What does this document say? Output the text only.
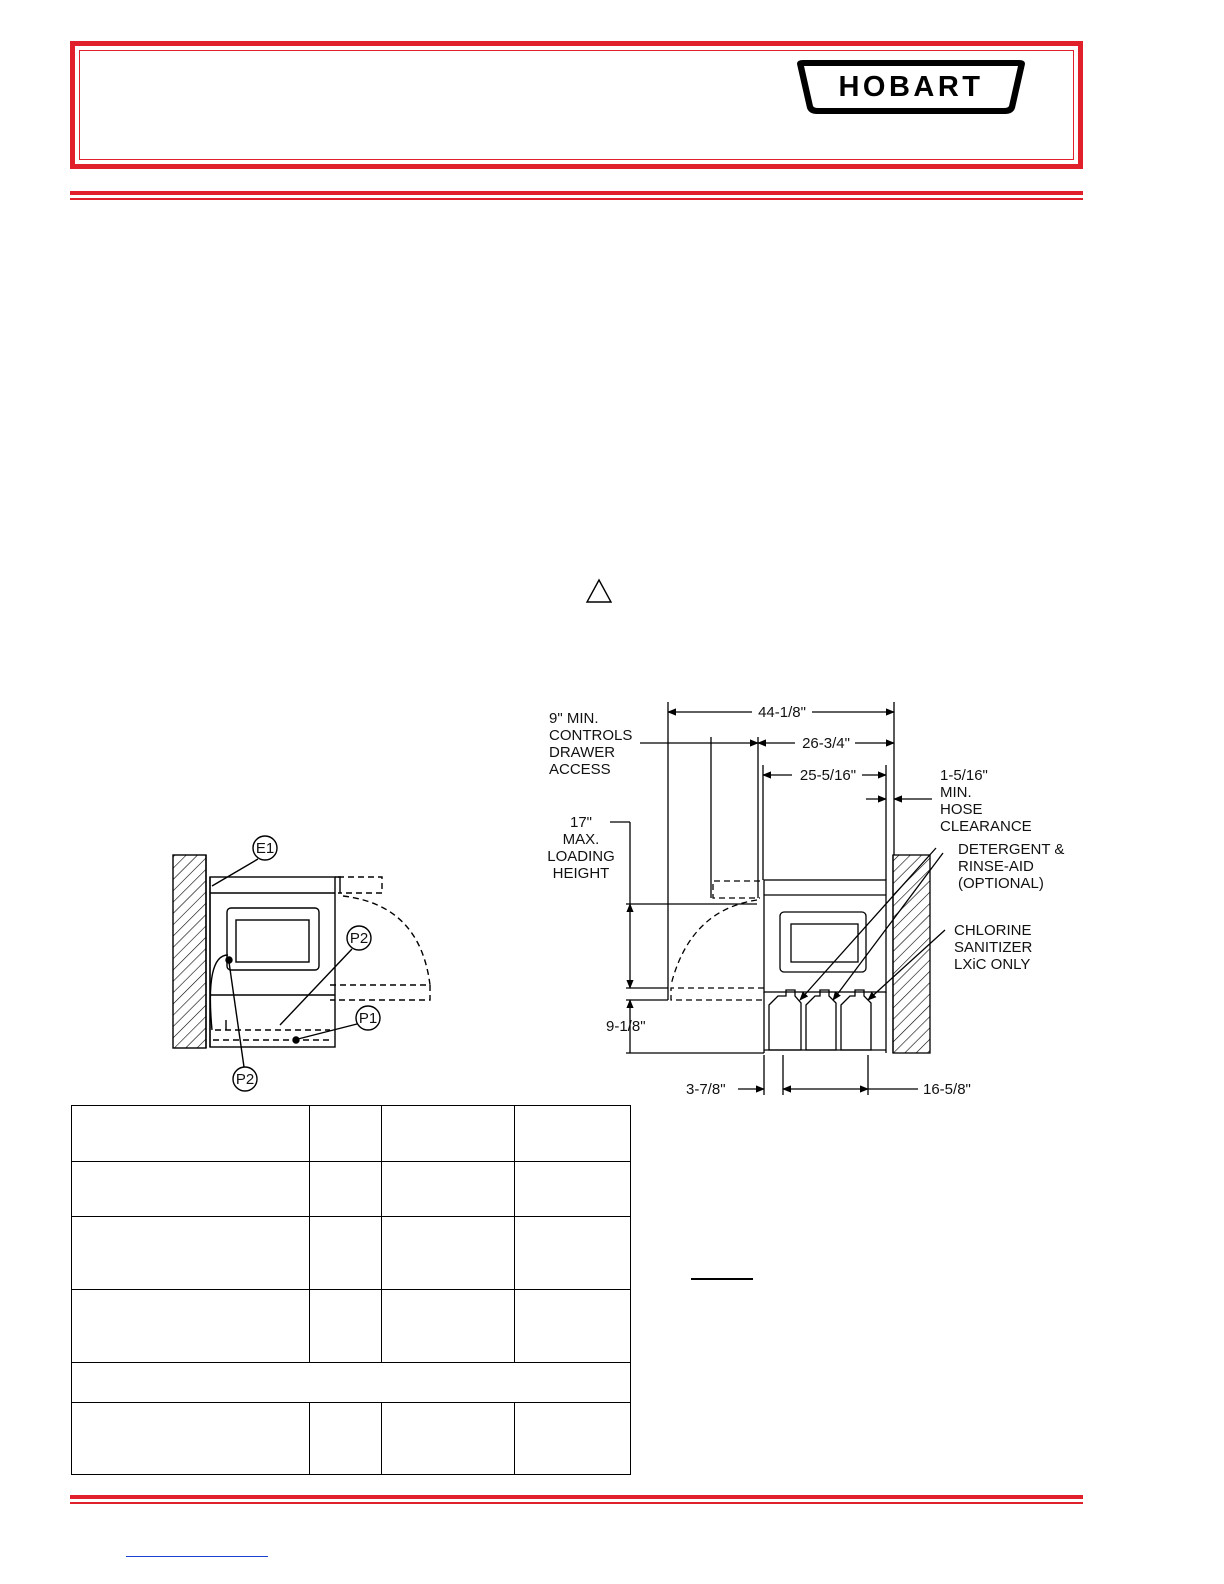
HOBART
E1
P2
P1
P2
9" MIN.
CONTROLS
DRAWER
ACCESS
17"
MAX.
LOADING
HEIGHT
1-5/16"
MIN.
HOSE
CLEARANCE
DETERGENT &
RINSE-AID
(OPTIONAL)
CHLORINE
SANITIZER
LXiC ONLY
44-1/8"
26-3/4"
25-5/16"
9-1/8"
3-7/8"	16-5/8"
